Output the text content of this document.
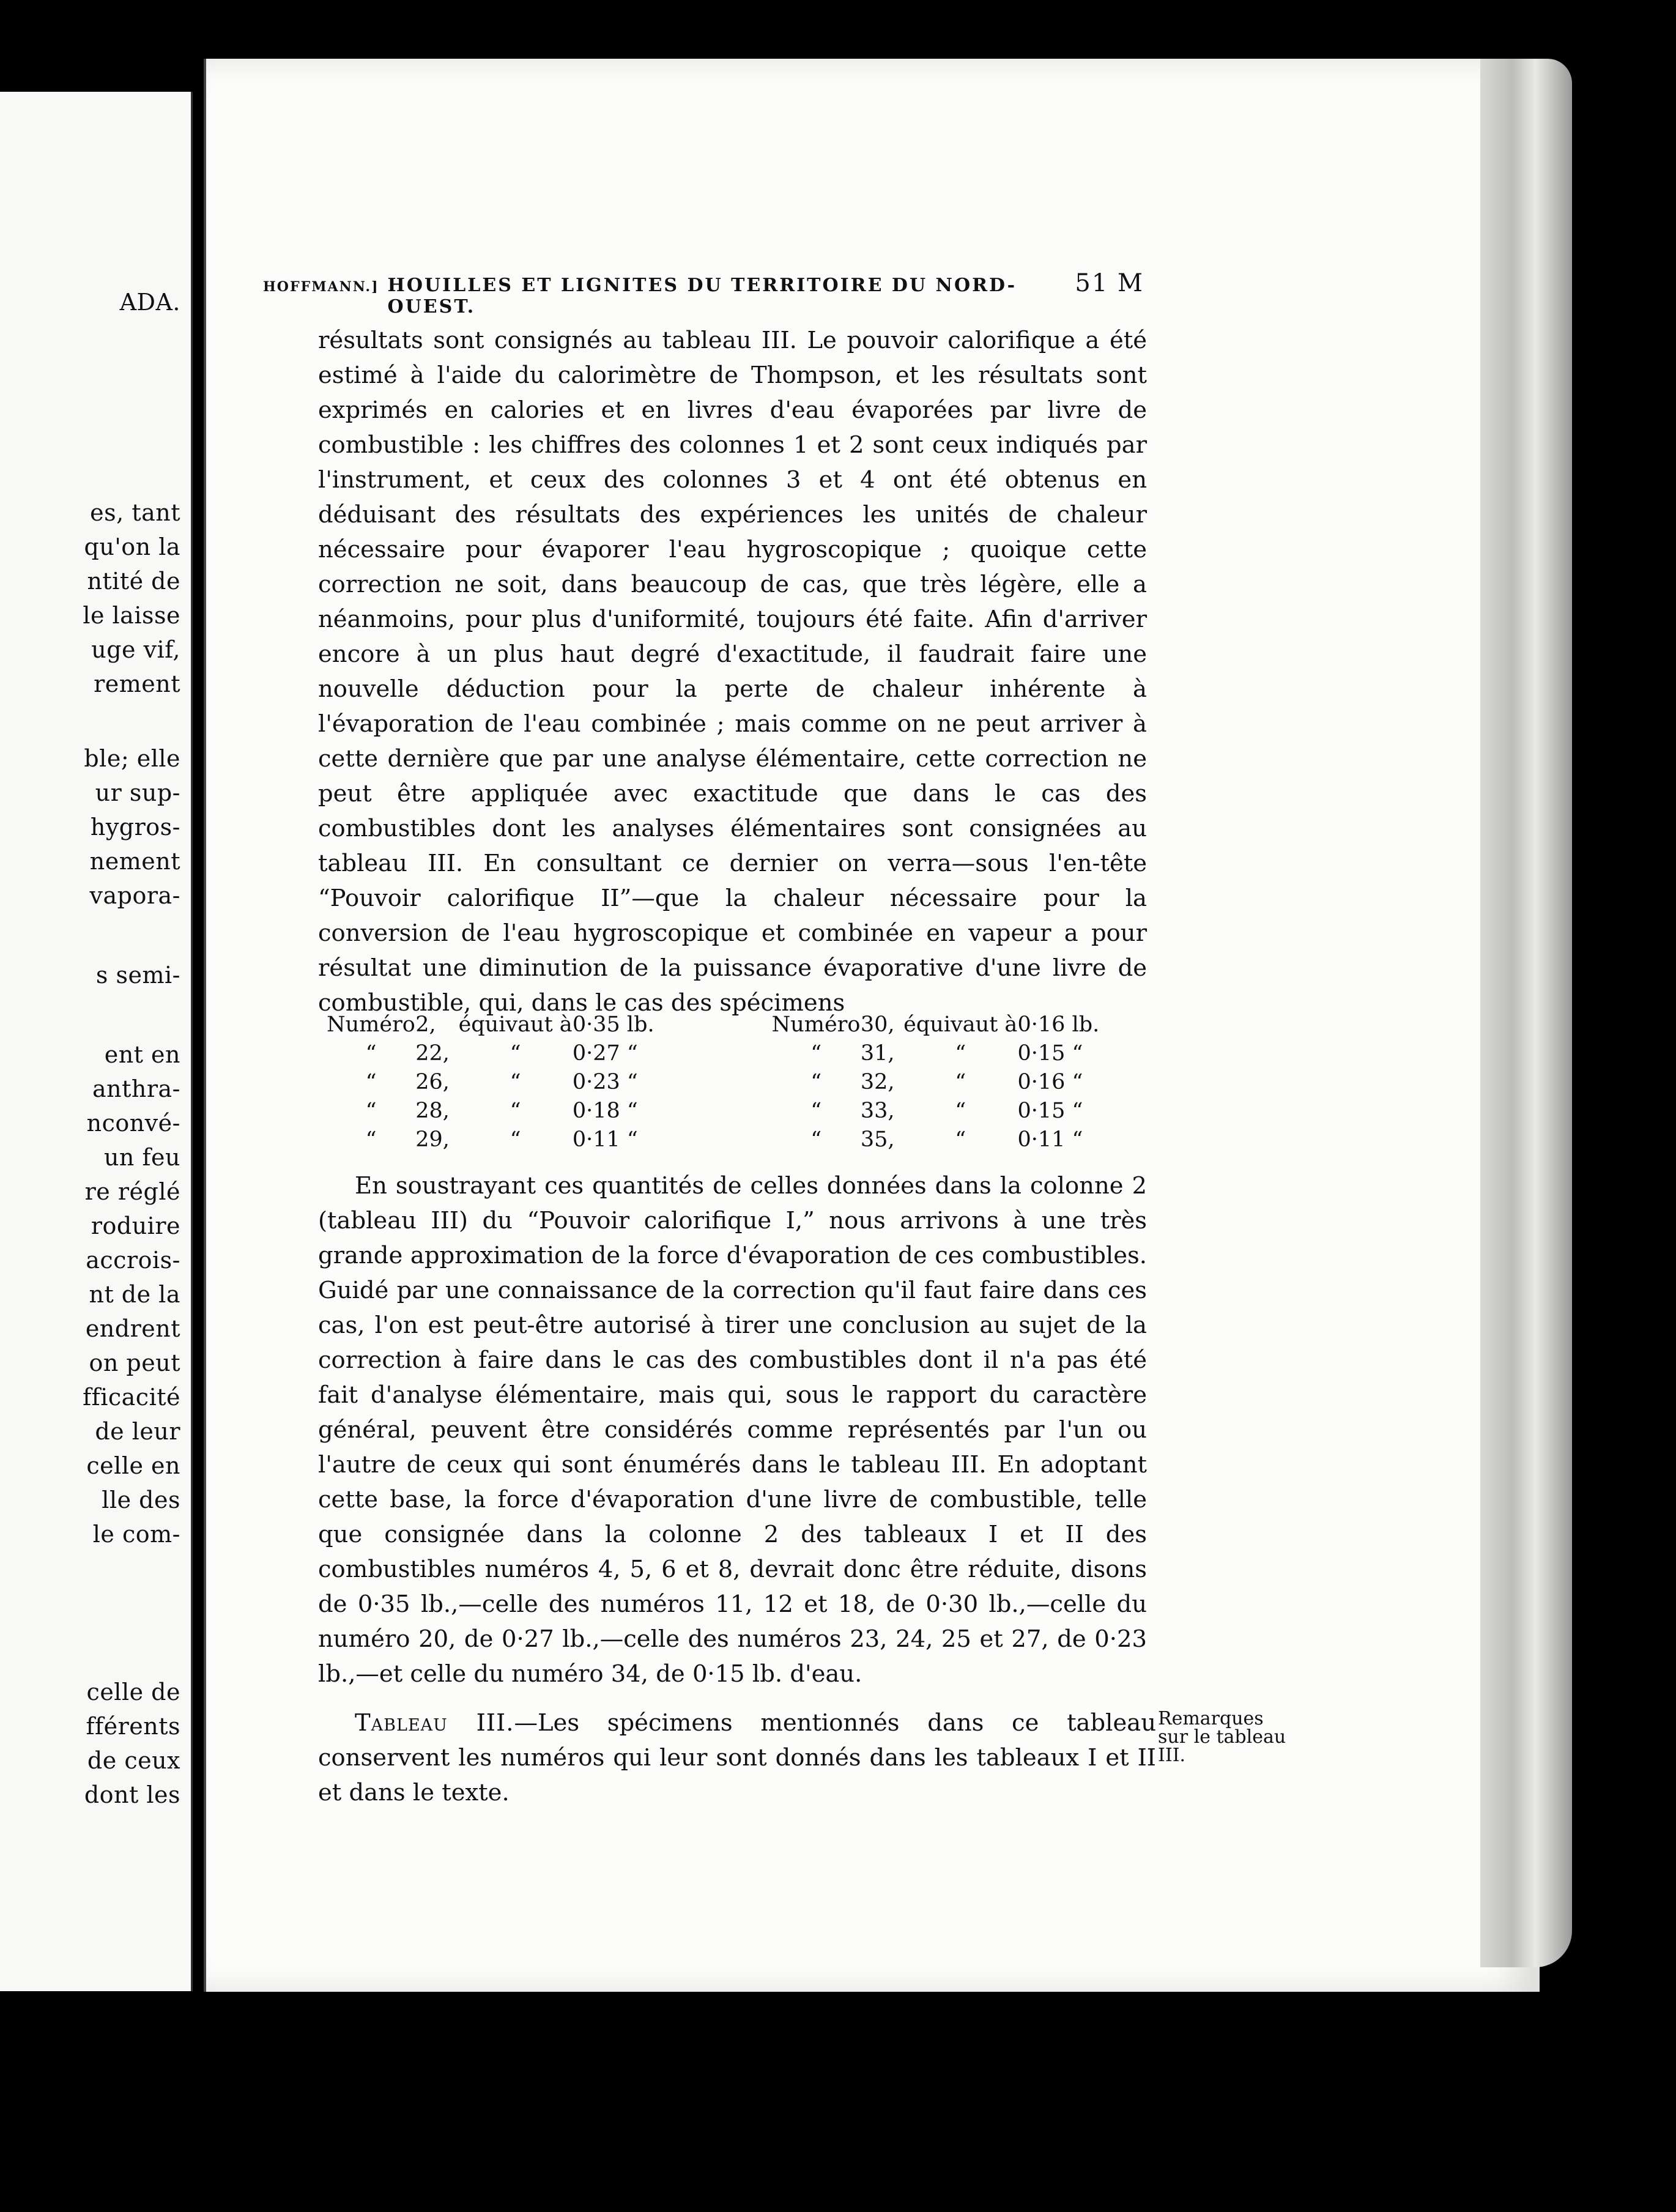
ADA.
es, tant
qu'on la
ntité de
le laisse
uge vif,
rement
ble; elle
ur sup-
hygros-
nement
vapora-
s semi-
ent en
anthra-
nconvé-
un feu
re réglé
roduire
accrois-
nt de la
endrent
on peut
fficacité
de leur
celle en
lle des
le com-
celle de
fférents
de ceux
dont les
HOFFMANN.] HOUILLES ET LIGNITES DU TERRITOIRE DU NORD-OUEST.
51 M
résultats sont consignés au tableau III. Le pouvoir calorifique a été estimé à l'aide du calorimètre de Thompson, et les résultats sont exprimés en calories et en livres d'eau évaporées par livre de combustible : les chiffres des colonnes 1 et 2 sont ceux indiqués par l'instrument, et ceux des colonnes 3 et 4 ont été obtenus en déduisant des résultats des expériences les unités de chaleur nécessaire pour évaporer l'eau hygroscopique ; quoique cette correction ne soit, dans beaucoup de cas, que très légère, elle a néanmoins, pour plus d'uniformité, toujours été faite. Afin d'arriver encore à un plus haut degré d'exactitude, il faudrait faire une nouvelle déduction pour la perte de chaleur inhérente à l'évaporation de l'eau combinée ; mais comme on ne peut arriver à cette dernière que par une analyse élémentaire, cette correction ne peut être appliquée avec exactitude que dans le cas des combustibles dont les analyses élémentaires sont consignées au tableau III. En consultant ce dernier on verra—sous l'en-tête “Pouvoir calorifique II”—que la chaleur nécessaire pour la conversion de l'eau hygroscopique et combinée en vapeur a pour résultat une diminution de la puissance évaporative d'une livre de combustible, qui, dans le cas des spécimens
Numéro	2,	équivaut à	0·35 lb.		Numéro	30,	équivaut à	0·16 lb.
“	22,	“	0·27 “		“	31,	“	0·15 “
“	26,	“	0·23 “		“	32,	“	0·16 “
“	28,	“	0·18 “		“	33,	“	0·15 “
“	29,	“	0·11 “		“	35,	“	0·11 “
En soustrayant ces quantités de celles données dans la colonne 2 (tableau III) du “Pouvoir calorifique I,” nous arrivons à une très grande approximation de la force d'évaporation de ces combustibles. Guidé par une connaissance de la correction qu'il faut faire dans ces cas, l'on est peut-être autorisé à tirer une conclusion au sujet de la correction à faire dans le cas des combustibles dont il n'a pas été fait d'analyse élémentaire, mais qui, sous le rapport du caractère général, peuvent être considérés comme représentés par l'un ou l'autre de ceux qui sont énumérés dans le tableau III. En adoptant cette base, la force d'évaporation d'une livre de combustible, telle que consignée dans la colonne 2 des tableaux I et II des combustibles numéros 4, 5, 6 et 8, devrait donc être réduite, disons de 0·35 lb.,—celle des numéros 11, 12 et 18, de 0·30 lb.,—celle du numéro 20, de 0·27 lb.,—celle des numéros 23, 24, 25 et 27, de 0·23 lb.,—et celle du numéro 34, de 0·15 lb. d'eau.
Tableau III.—Les spécimens mentionnés dans ce tableau conservent les numéros qui leur sont donnés dans les tableaux I et II et dans le texte.
Remarques
sur le tableau
III.
